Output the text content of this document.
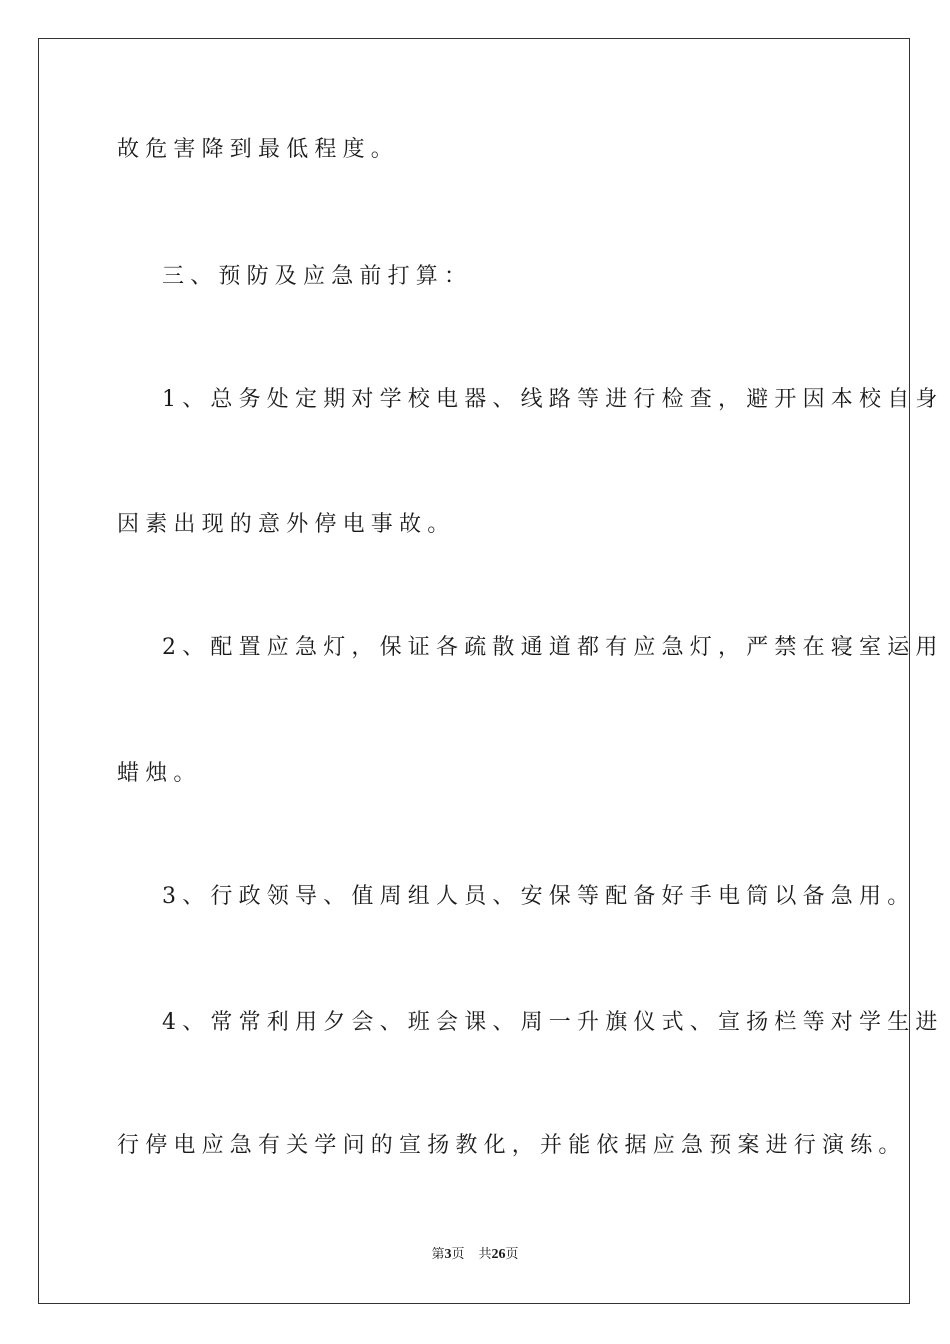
故危害降到最低程度。
三、预防及应急前打算：
1、总务处定期对学校电器、线路等进行检查，避开因本校自身
因素出现的意外停电事故。
2、配置应急灯，保证各疏散通道都有应急灯，严禁在寝室运用
蜡烛。
3、行政领导、值周组人员、安保等配备好手电筒以备急用。
4、常常利用夕会、班会课、周一升旗仪式、宣扬栏等对学生进
行停电应急有关学问的宣扬教化，并能依据应急预案进行演练。
第3页 共26页
